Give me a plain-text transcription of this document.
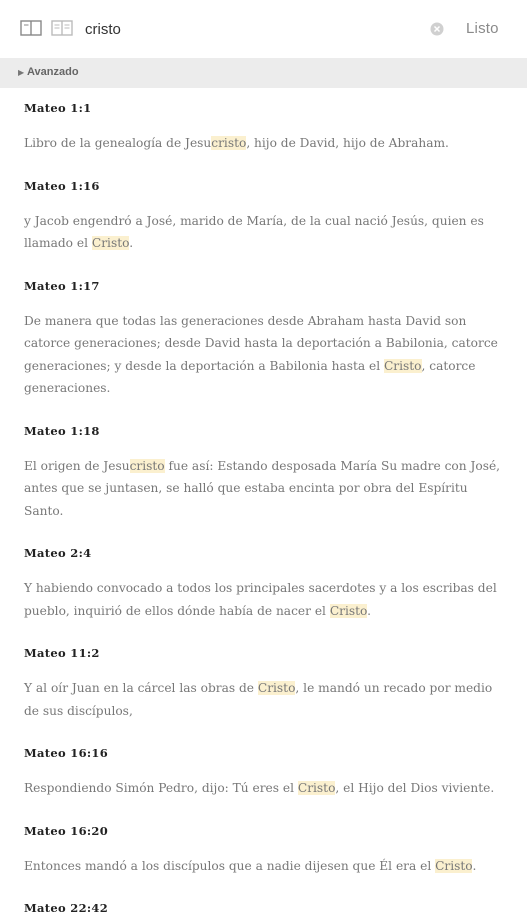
cristo
Listo
▶ Avanzado
Mateo 1:1
Libro de la genealogía de Jesucristo, hijo de David, hijo de Abraham.
Mateo 1:16
y Jacob engendró a José, marido de María, de la cual nació Jesús, quien es llamado el Cristo.
Mateo 1:17
De manera que todas las generaciones desde Abraham hasta David son catorce generaciones; desde David hasta la deportación a Babilonia, catorce generaciones; y desde la deportación a Babilonia hasta el Cristo, catorce generaciones.
Mateo 1:18
El origen de Jesucristo fue así: Estando desposada María Su madre con José, antes que se juntasen, se halló que estaba encinta por obra del Espíritu Santo.
Mateo 2:4
Y habiendo convocado a todos los principales sacerdotes y a los escribas del pueblo, inquirió de ellos dónde había de nacer el Cristo.
Mateo 11:2
Y al oír Juan en la cárcel las obras de Cristo, le mandó un recado por medio de sus discípulos,
Mateo 16:16
Respondiendo Simón Pedro, dijo: Tú eres el Cristo, el Hijo del Dios viviente.
Mateo 16:20
Entonces mandó a los discípulos que a nadie dijesen que Él era el Cristo.
Mateo 22:42
